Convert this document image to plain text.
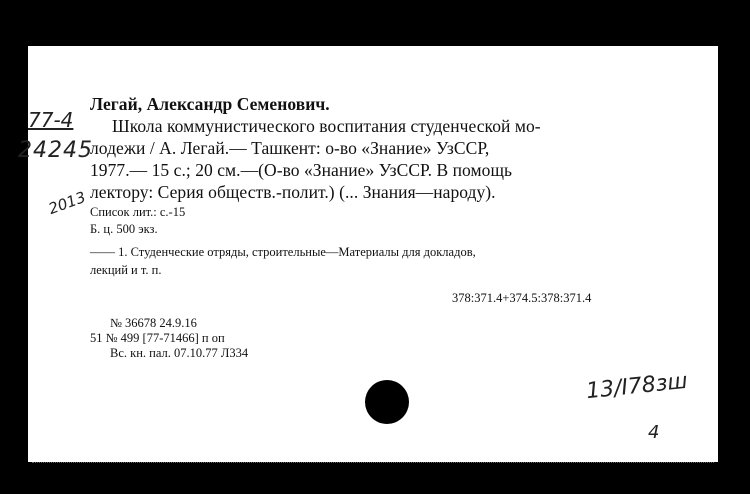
77-4
24245
2013
Легай, Александр Семенович.
Школа коммунистического воспитания студенческой мо-
лодежи / А. Легай.— Ташкент: о-во «Знание» УзССР,
1977.— 15 с.; 20 см.—(О-во «Знание» УзССР. В помощь
лектору: Серия обществ.-полит.) (... Знания—народу).
Список лит.: с.-15
Б. ц. 500 экз.
—— 1. Студенческие отряды, строительные—Материалы для докладов,
лекций и т. п.
378:371.4+374.5:378:371.4
№ 36678 24.9.16
51 № 499 [77-71466] п оп
Вс. кн. пал. 07.10.77 Л334
13/I78зш
4
